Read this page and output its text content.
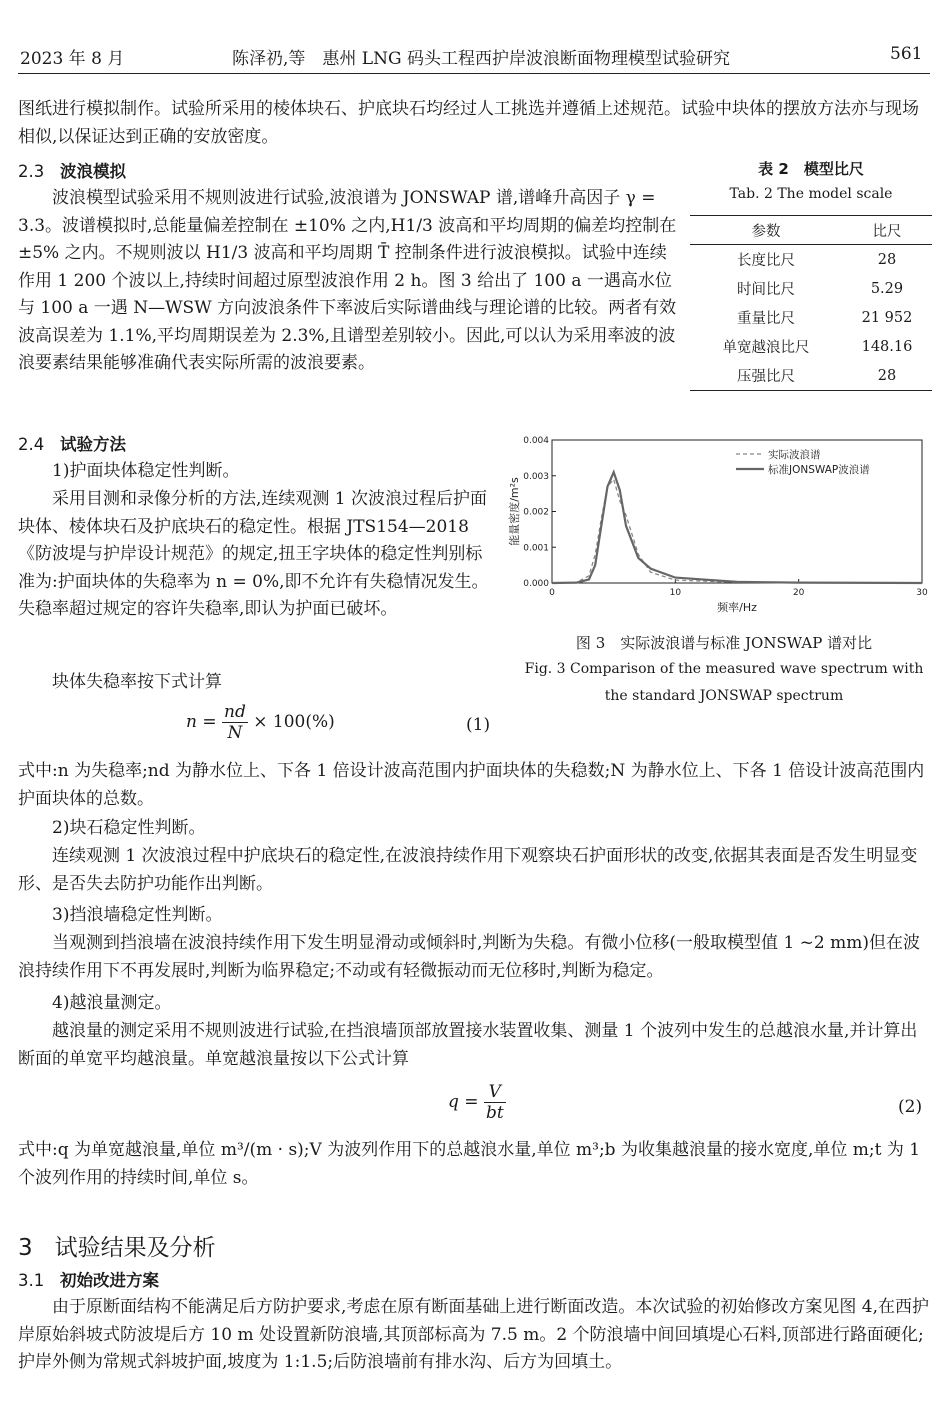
2023 年 8 月	陈泽礽,等　惠州 LNG 码头工程西护岸波浪断面物理模型试验研究	561

图纸进行模拟制作。试验所采用的棱体块石、护底块石均经过人工挑选并遵循上述规范。试验中块体的摆放方法亦与现场相似,以保证达到正确的安放密度。

2.3 波浪模拟

波浪模型试验采用不规则波进行试验,波浪谱为 JONSWAP 谱,谱峰升高因子 γ = 3.3。波谱模拟时,总能量偏差控制在 ±10% 之内,H1/3 波高和平均周期的偏差均控制在 ±5% 之内。不规则波以 H1/3 波高和平均周期 T̄ 控制条件进行波浪模拟。试验中连续作用 1 200 个波以上,持续时间超过原型波浪作用 2 h。图 3 给出了 100 a 一遇高水位与 100 a 一遇 N—WSW 方向波浪条件下率波后实际谱曲线与理论谱的比较。两者有效波高误差为 1.1%,平均周期误差为 2.3%,且谱型差别较小。因此,可以认为采用率波的波浪要素结果能够准确代表实际所需的波浪要素。

表 2　模型比尺
Tab. 2 The model scale
参数	比尺
长度比尺	28
时间比尺	5.29
重量比尺	21 952
单宽越浪比尺	148.16
压强比尺	28
2.4 试验方法

1)护面块体稳定性判断。

采用目测和录像分析的方法,连续观测 1 次波浪过程后护面块体、棱体块石及护底块石的稳定性。根据 JTS154—2018《防波堤与护岸设计规范》的规定,扭王字块体的稳定性判别标准为:护面块体的失稳率为 n = 0%,即不允许有失稳情况发生。失稳率超过规定的容许失稳率,即认为护面已破坏。

块体失稳率按下式计算

$n = \frac{nd}{N} \times 100(\%)$	(1)
0	10	20	30
0.000
0.001
0.002
0.003
0.004
频率/Hz
能量密度/m²s
实际波浪谱
标准JONSWAP波浪谱
图 3　实际波浪谱与标准 JONSWAP 谱对比
Fig. 3 Comparison of the measured wave spectrum with
the standard JONSWAP spectrum

式中:n 为失稳率;nd 为静水位上、下各 1 倍设计波高范围内护面块体的失稳数;N 为静水位上、下各 1 倍设计波高范围内护面块体的总数。

2)块石稳定性判断。

连续观测 1 次波浪过程中护底块石的稳定性,在波浪持续作用下观察块石护面形状的改变,依据其表面是否发生明显变形、是否失去防护功能作出判断。

3)挡浪墙稳定性判断。

当观测到挡浪墙在波浪持续作用下发生明显滑动或倾斜时,判断为失稳。有微小位移(一般取模型值 1 ~2 mm)但在波浪持续作用下不再发展时,判断为临界稳定;不动或有轻微振动而无位移时,判断为稳定。

4)越浪量测定。

越浪量的测定采用不规则波进行试验,在挡浪墙顶部放置接水装置收集、测量 1 个波列中发生的总越浪水量,并计算出断面的单宽平均越浪量。单宽越浪量按以下公式计算

$q = \frac{V}{bt}$	(2)

式中:q 为单宽越浪量,单位 m³/(m · s);V 为波列作用下的总越浪水量,单位 m³;b 为收集越浪量的接水宽度,单位 m;t 为 1 个波列作用的持续时间,单位 s。

3 试验结果及分析
3.1 初始改进方案

由于原断面结构不能满足后方防护要求,考虑在原有断面基础上进行断面改造。本次试验的初始修改方案见图 4,在西护岸原始斜坡式防波堤后方 10 m 处设置新防浪墙,其顶部标高为 7.5 m。2 个防浪墙中间回填堤心石料,顶部进行路面硬化;护岸外侧为常规式斜坡护面,坡度为 1:1.5;后防浪墙前有排水沟、后方为回填土。
